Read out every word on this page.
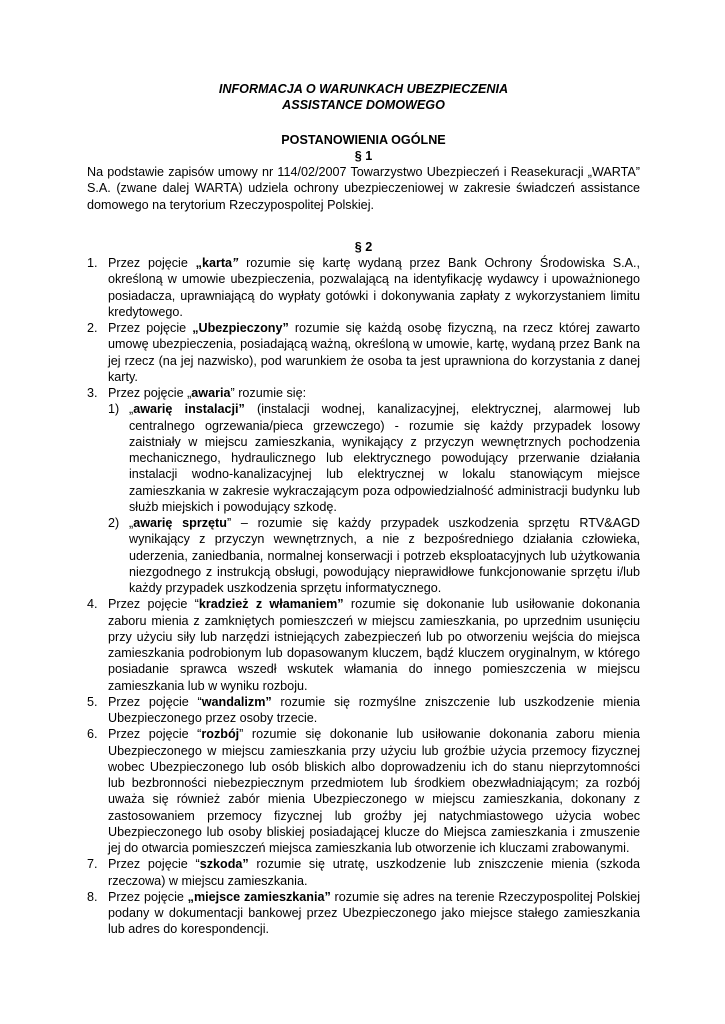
INFORMACJA O WARUNKACH UBEZPIECZENIA
ASSISTANCE DOMOWEGO
POSTANOWIENIA OGÓLNE
§ 1
Na podstawie zapisów umowy nr 114/02/2007 Towarzystwo Ubezpieczeń i Reasekuracji „WARTA” S.A. (zwane dalej WARTA) udziela ochrony ubezpieczeniowej w zakresie świadczeń assistance domowego na terytorium Rzeczypospolitej Polskiej.
§ 2
1. Przez pojęcie „karta” rozumie się kartę wydaną przez Bank Ochrony Środowiska S.A., określoną w umowie ubezpieczenia, pozwalającą na identyfikację wydawcy i upoważnionego posiadacza, uprawniającą do wypłaty gotówki i dokonywania zapłaty z wykorzystaniem limitu kredytowego.
2. Przez pojęcie „Ubezpieczony” rozumie się każdą osobę fizyczną, na rzecz której zawarto umowę ubezpieczenia, posiadającą ważną, określoną w umowie, kartę, wydaną przez Bank na jej rzecz (na jej nazwisko), pod warunkiem że osoba ta jest uprawniona do korzystania z danej karty.
3. Przez pojęcie „awaria” rozumie się:
1) „awarię instalacji” (instalacji wodnej, kanalizacyjnej, elektrycznej, alarmowej lub centralnego ogrzewania/pieca grzewczego) - rozumie się każdy przypadek losowy zaistniały w miejscu zamieszkania, wynikający z przyczyn wewnętrznych pochodzenia mechanicznego, hydraulicznego lub elektrycznego powodujący przerwanie działania instalacji wodno-kanalizacyjnej lub elektrycznej w lokalu stanowiącym miejsce zamieszkania w zakresie wykraczającym poza odpowiedzialność administracji budynku lub służb miejskich i powodujący szkodę.
2) „awarię sprzętu” – rozumie się każdy przypadek uszkodzenia sprzętu RTV&AGD wynikający z przyczyn wewnętrznych, a nie z bezpośredniego działania człowieka, uderzenia, zaniedbania, normalnej konserwacji i potrzeb eksploatacyjnych lub użytkowania niezgodnego z instrukcją obsługi, powodujący nieprawidłowe funkcjonowanie sprzętu i/lub każdy przypadek uszkodzenia sprzętu informatycznego.
4. Przez pojęcie “kradzież z włamaniem” rozumie się dokonanie lub usiłowanie dokonania zaboru mienia z zamkniętych pomieszczeń w miejscu zamieszkania, po uprzednim usunięciu przy użyciu siły lub narzędzi istniejących zabezpieczeń lub po otworzeniu wejścia do miejsca zamieszkania podrobionym lub dopasowanym kluczem, bądź kluczem oryginalnym, w którego posiadanie sprawca wszedł wskutek włamania do innego pomieszczenia w miejscu zamieszkania lub w wyniku rozboju.
5. Przez pojęcie “wandalizm” rozumie się rozmyślne zniszczenie lub uszkodzenie mienia Ubezpieczonego przez osoby trzecie.
6. Przez pojęcie “rozbój” rozumie się dokonanie lub usiłowanie dokonania zaboru mienia Ubezpieczonego w miejscu zamieszkania przy użyciu lub groźbie użycia przemocy fizycznej wobec Ubezpieczonego lub osób bliskich albo doprowadzeniu ich do stanu nieprzytomności lub bezbronności niebezpiecznym przedmiotem lub środkiem obezwładniającym; za rozbój uważa się również zabór mienia Ubezpieczonego w miejscu zamieszkania, dokonany z zastosowaniem przemocy fizycznej lub groźby jej natychmiastowego użycia wobec Ubezpieczonego lub osoby bliskiej posiadającej klucze do Miejsca zamieszkania i zmuszenie jej do otwarcia pomieszczeń miejsca zamieszkania lub otworzenie ich kluczami zrabowanymi.
7. Przez pojęcie “szkoda” rozumie się utratę, uszkodzenie lub zniszczenie mienia (szkoda rzeczowa) w miejscu zamieszkania.
8. Przez pojęcie „miejsce zamieszkania” rozumie się adres na terenie Rzeczypospolitej Polskiej podany w dokumentacji bankowej przez Ubezpieczonego jako miejsce stałego zamieszkania lub adres do korespondencji.
